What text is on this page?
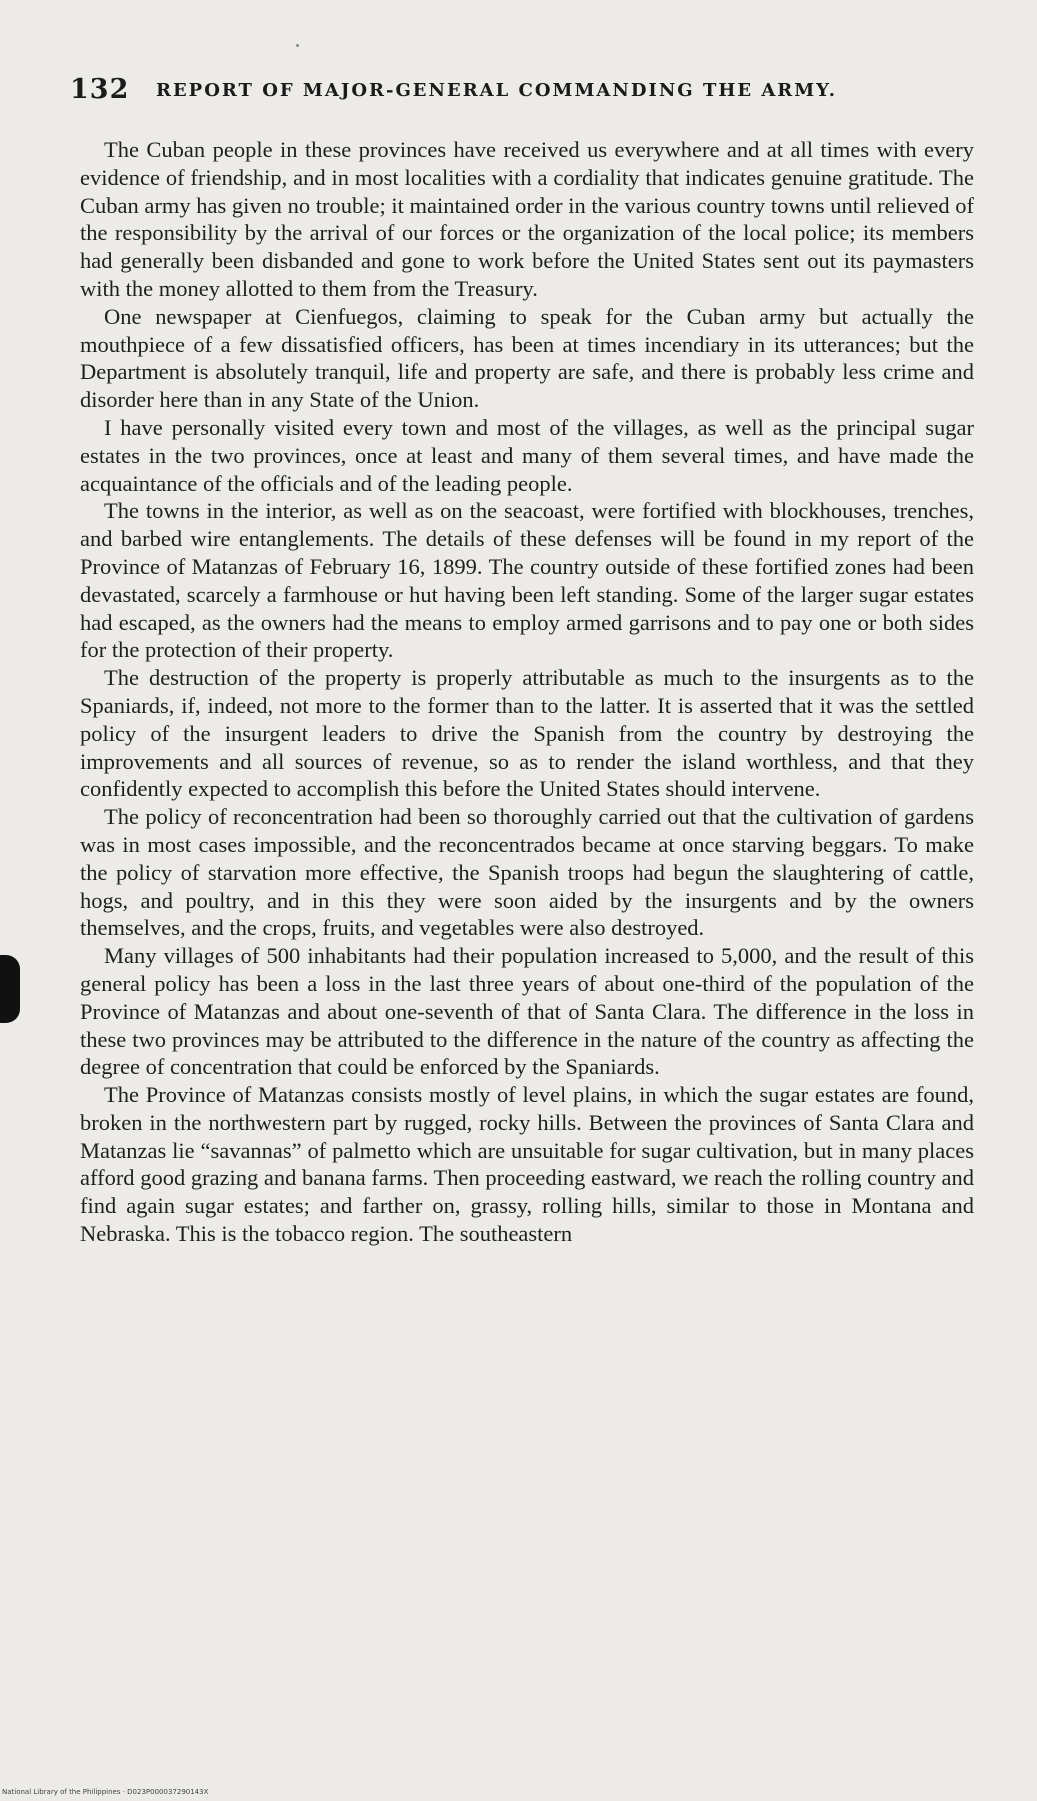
132 REPORT OF MAJOR-GENERAL COMMANDING THE ARMY.

The Cuban people in these provinces have received us everywhere and at all times with every evidence of friendship, and in most localities with a cordiality that indicates genuine gratitude. The Cuban army has given no trouble; it maintained order in the various country towns until relieved of the responsibility by the arrival of our forces or the organization of the local police; its members had generally been disbanded and gone to work before the United States sent out its paymasters with the money allotted to them from the Treasury.

One newspaper at Cienfuegos, claiming to speak for the Cuban army but actually the mouthpiece of a few dissatisfied officers, has been at times incendiary in its utterances; but the Department is absolutely tranquil, life and property are safe, and there is probably less crime and disorder here than in any State of the Union.

I have personally visited every town and most of the villages, as well as the principal sugar estates in the two provinces, once at least and many of them several times, and have made the acquaintance of the officials and of the leading people.

The towns in the interior, as well as on the seacoast, were fortified with blockhouses, trenches, and barbed wire entanglements. The details of these defenses will be found in my report of the Province of Matanzas of February 16, 1899. The country outside of these fortified zones had been devastated, scarcely a farmhouse or hut having been left standing. Some of the larger sugar estates had escaped, as the owners had the means to employ armed garrisons and to pay one or both sides for the protection of their property.

The destruction of the property is properly attributable as much to the insurgents as to the Spaniards, if, indeed, not more to the former than to the latter. It is asserted that it was the settled policy of the insurgent leaders to drive the Spanish from the country by destroying the improvements and all sources of revenue, so as to render the island worthless, and that they confidently expected to accomplish this before the United States should intervene.

The policy of reconcentration had been so thoroughly carried out that the cultivation of gardens was in most cases impossible, and the reconcentrados became at once starving beggars. To make the policy of starvation more effective, the Spanish troops had begun the slaughtering of cattle, hogs, and poultry, and in this they were soon aided by the insurgents and by the owners themselves, and the crops, fruits, and vegetables were also destroyed.

Many villages of 500 inhabitants had their population increased to 5,000, and the result of this general policy has been a loss in the last three years of about one-third of the population of the Province of Matanzas and about one-seventh of that of Santa Clara. The difference in the loss in these two provinces may be attributed to the difference in the nature of the country as affecting the degree of concentration that could be enforced by the Spaniards.

The Province of Matanzas consists mostly of level plains, in which the sugar estates are found, broken in the northwestern part by rugged, rocky hills. Between the provinces of Santa Clara and Matanzas lie “savannas” of palmetto which are unsuitable for sugar cultivation, but in many places afford good grazing and banana farms. Then proceeding eastward, we reach the rolling country and find again sugar estates; and farther on, grassy, rolling hills, similar to those in Montana and Nebraska. This is the tobacco region. The southeastern

National Library of the Philippines · D023P000037290143X
